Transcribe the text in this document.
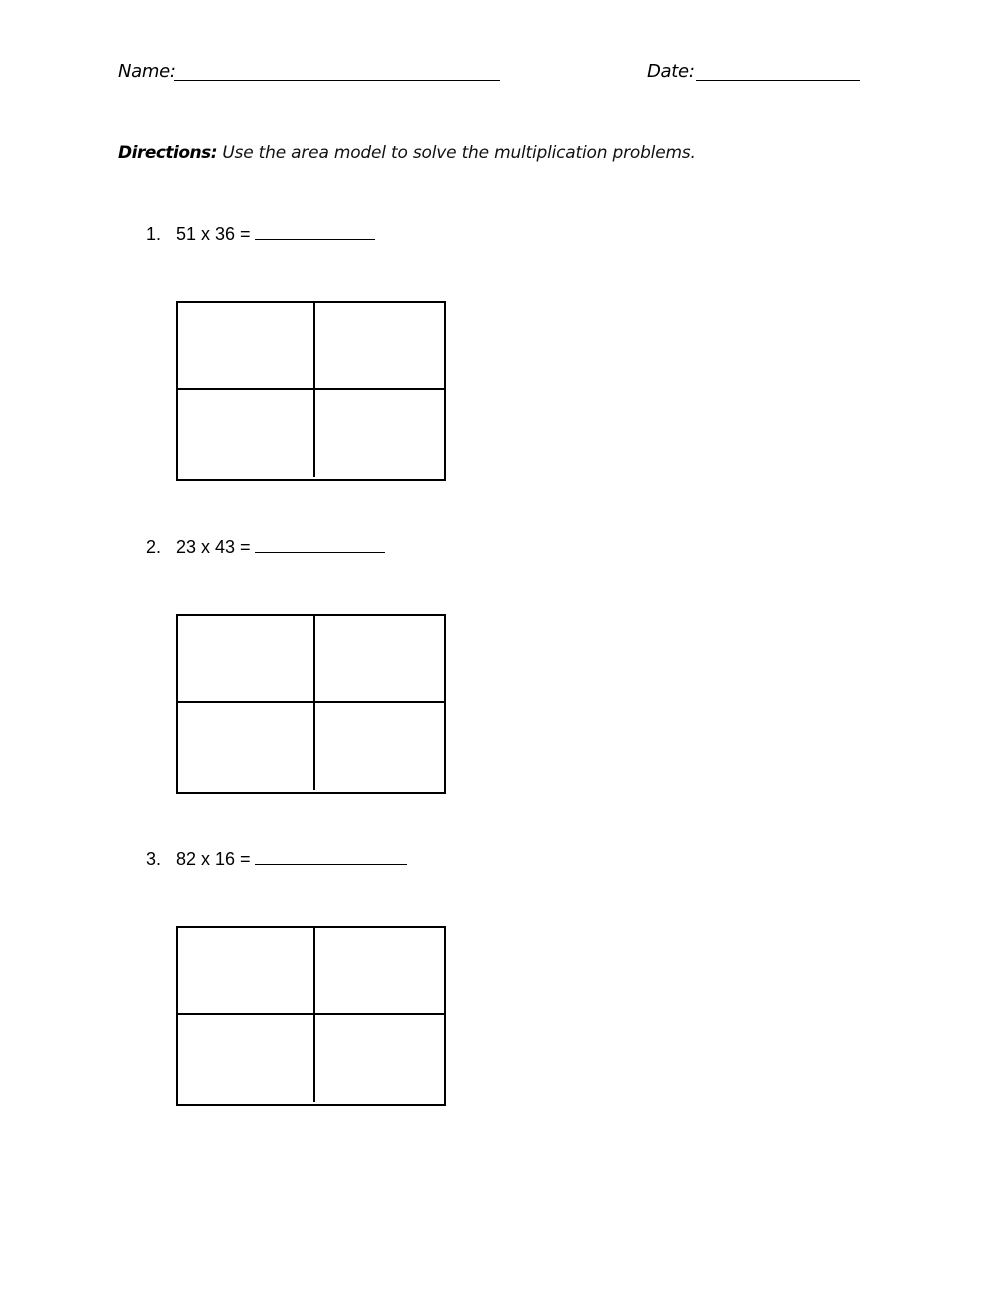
Name:	Date:
Directions: Use the area model to solve the multiplication problems.
1. 51 x 36 =
2. 23 x 43 =
3. 82 x 16 =
